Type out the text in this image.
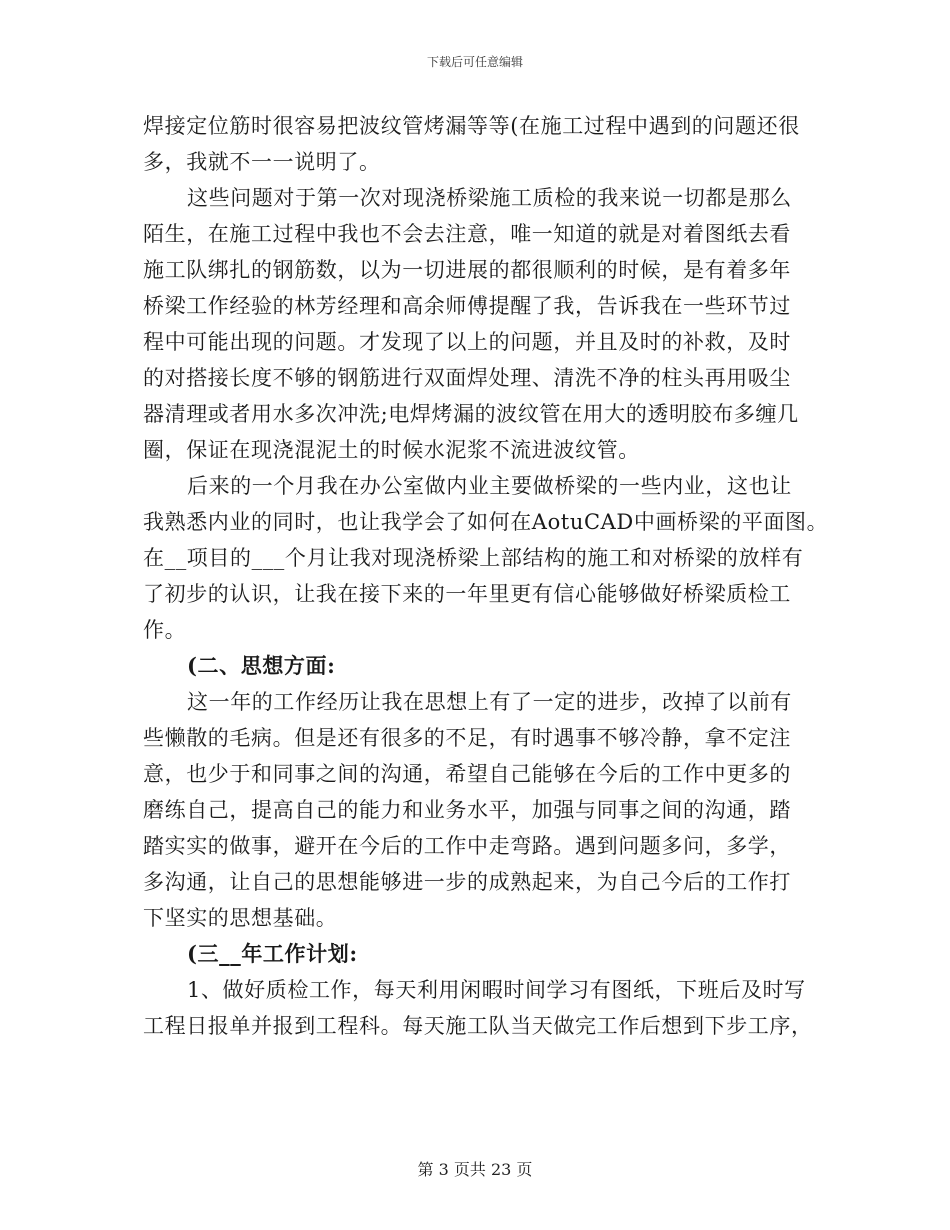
下载后可任意编辑
焊接定位筋时很容易把波纹管烤漏等等(在施工过程中遇到的问题还很
多，我就不一一说明了。
这些问题对于第一次对现浇桥梁施工质检的我来说一切都是那么
陌生，在施工过程中我也不会去注意，唯一知道的就是对着图纸去看
施工队绑扎的钢筋数，以为一切进展的都很顺利的时候，是有着多年
桥梁工作经验的林芳经理和高余师傅提醒了我，告诉我在一些环节过
程中可能出现的问题。才发现了以上的问题，并且及时的补救，及时
的对搭接长度不够的钢筋进行双面焊处理、清洗不净的柱头再用吸尘
器清理或者用水多次冲洗;电焊烤漏的波纹管在用大的透明胶布多缠几
圈，保证在现浇混泥土的时候水泥浆不流进波纹管。
后来的一个月我在办公室做内业主要做桥梁的一些内业，这也让
我熟悉内业的同时，也让我学会了如何在AotuCAD中画桥梁的平面图。
在__项目的___个月让我对现浇桥梁上部结构的施工和对桥梁的放样有
了初步的认识，让我在接下来的一年里更有信心能够做好桥梁质检工
作。
(二、思想方面:
这一年的工作经历让我在思想上有了一定的进步，改掉了以前有
些懒散的毛病。但是还有很多的不足，有时遇事不够冷静，拿不定注
意，也少于和同事之间的沟通，希望自己能够在今后的工作中更多的
磨练自己，提高自己的能力和业务水平，加强与同事之间的沟通，踏
踏实实的做事，避开在今后的工作中走弯路。遇到问题多问，多学，
多沟通，让自己的思想能够进一步的成熟起来，为自己今后的工作打
下坚实的思想基础。
(三__年工作计划:
1、做好质检工作，每天利用闲暇时间学习有图纸，下班后及时写
工程日报单并报到工程科。每天施工队当天做完工作后想到下步工序，
第 3 页共 23 页
